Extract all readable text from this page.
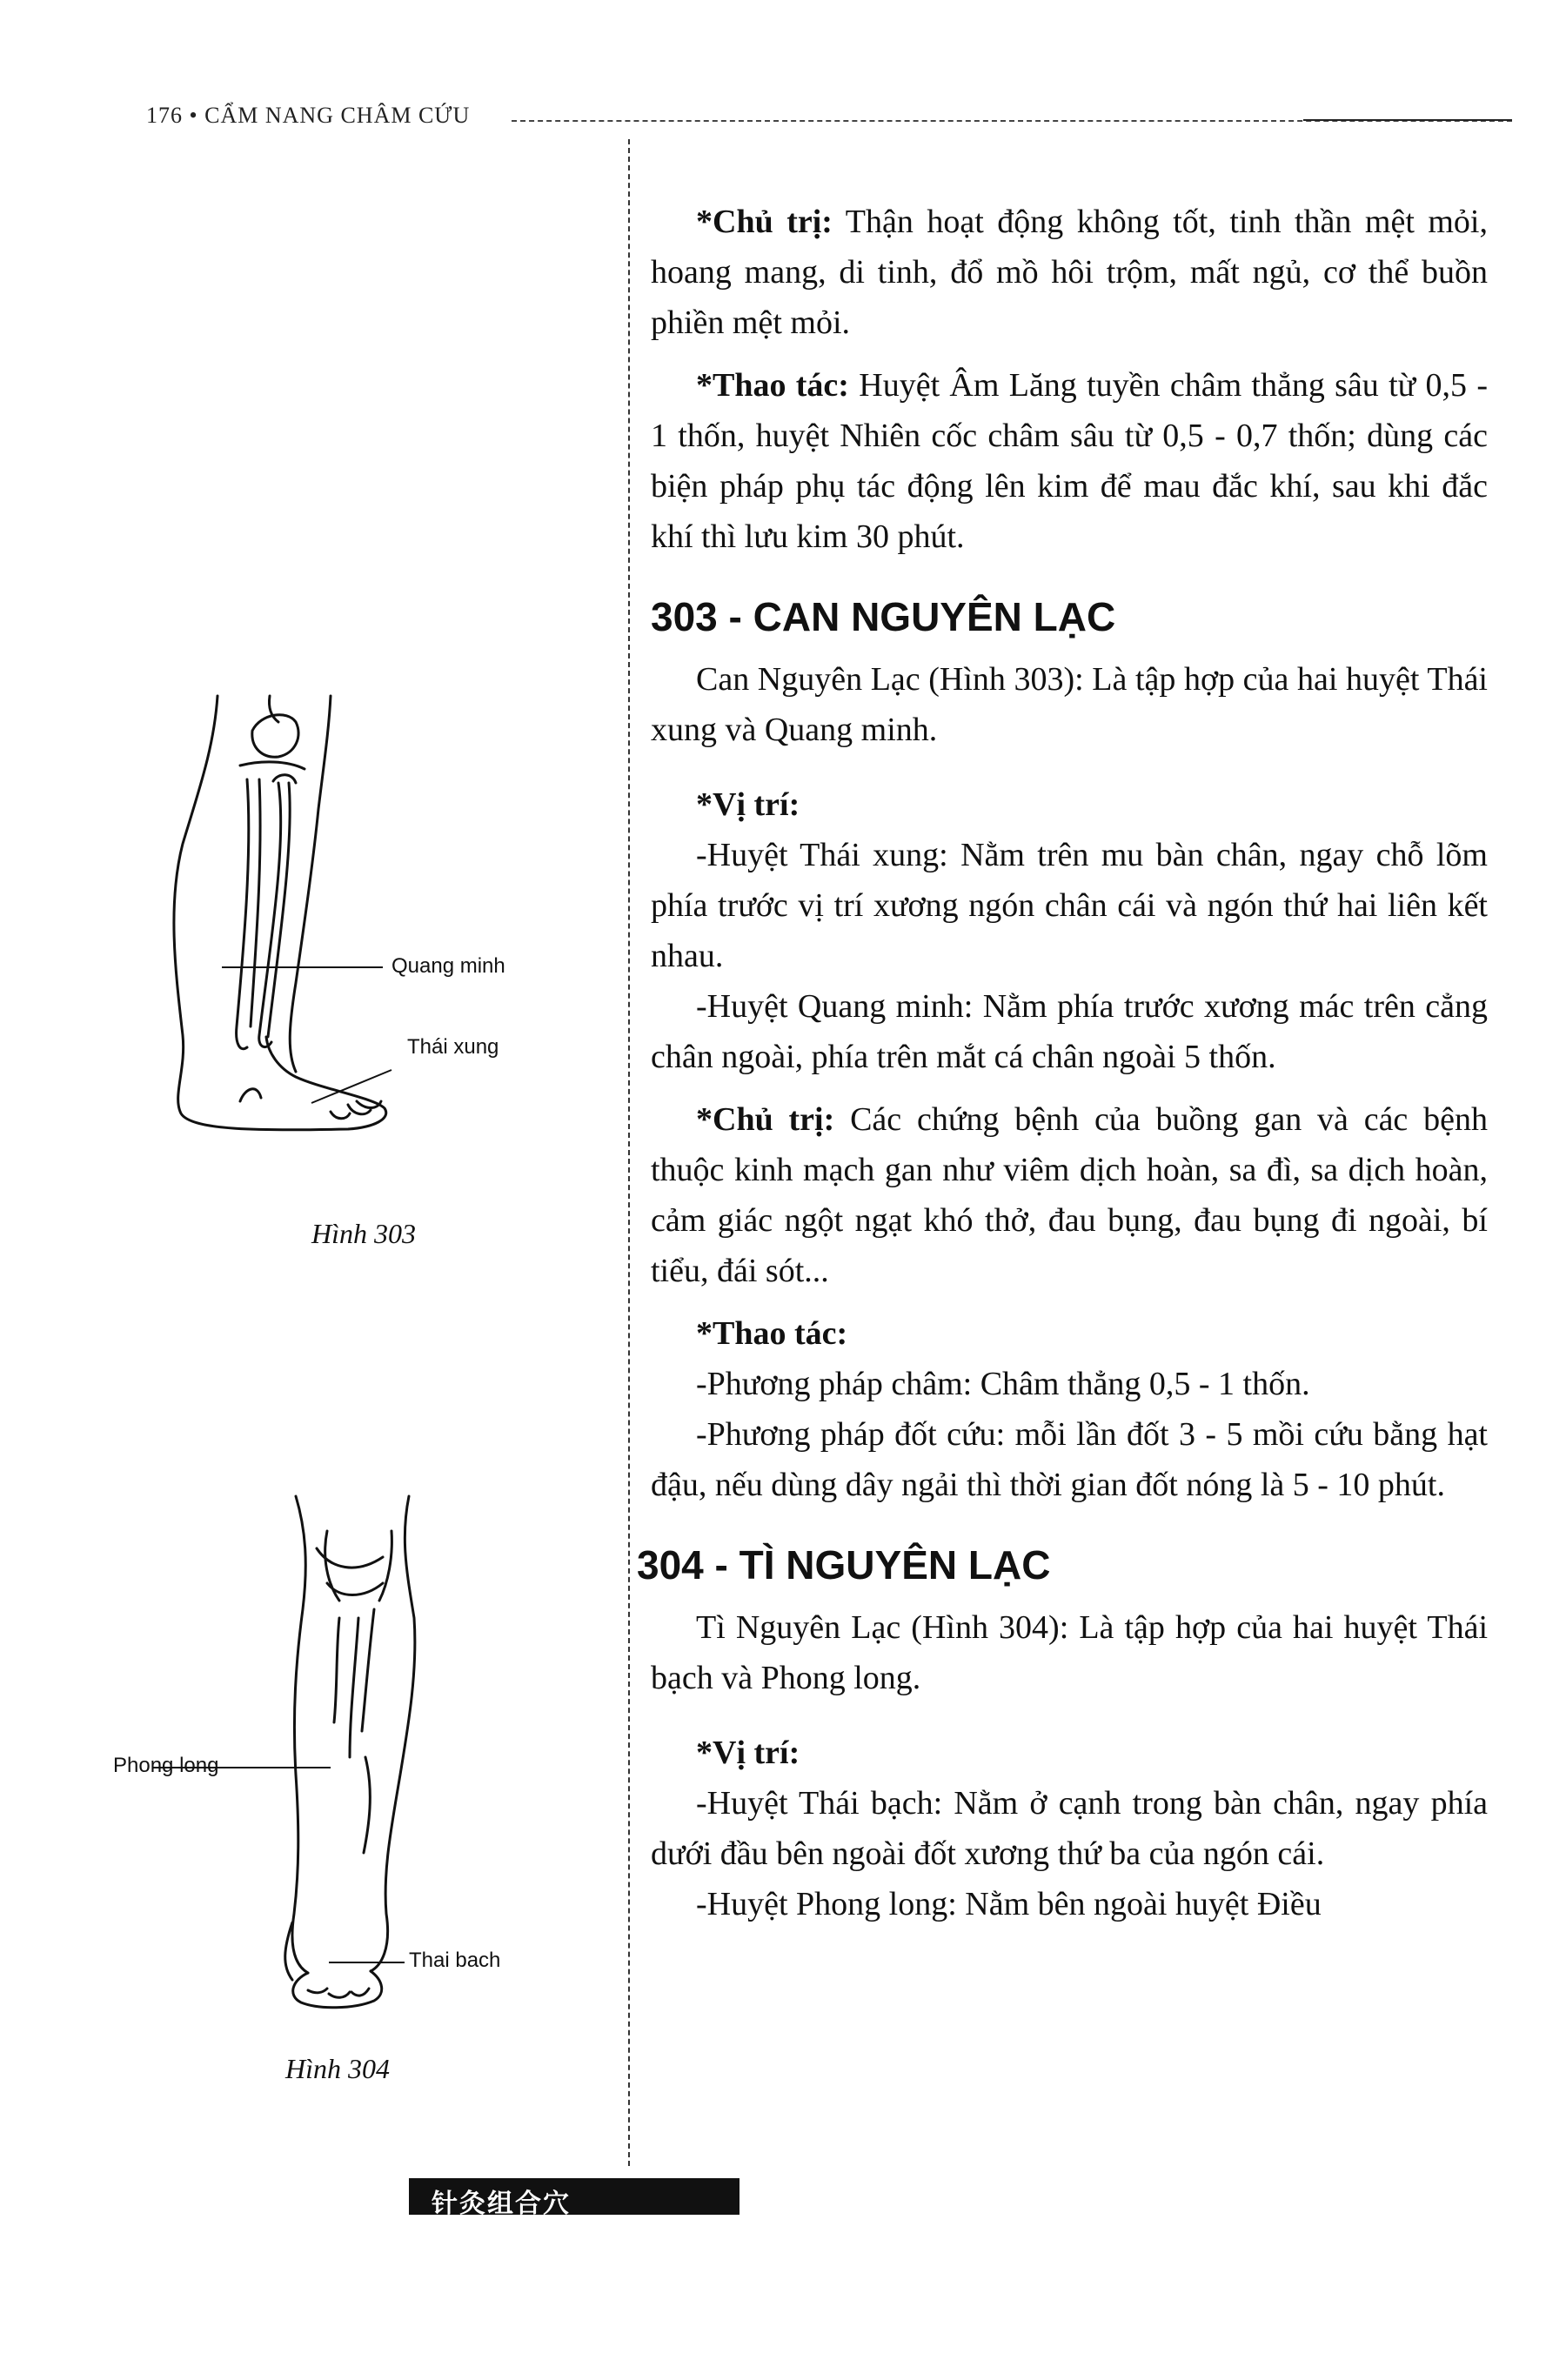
176 • CẨM NANG CHÂM CỨU
Quang minh
Thái xung
Hình 303
Phong long
Thai bach
Hình 304

*Chủ trị: Thận hoạt động không tốt, tinh thần mệt mỏi, hoang mang, di tinh, đổ mồ hôi trộm, mất ngủ, cơ thể buồn phiền mệt mỏi.

*Thao tác: Huyệt Âm Lăng tuyền châm thẳng sâu từ 0,5 - 1 thốn, huyệt Nhiên cốc châm sâu từ 0,5 - 0,7 thốn; dùng các biện pháp phụ tác động lên kim để mau đắc khí, sau khi đắc khí thì lưu kim 30 phút.

303 - CAN NGUYÊN LẠC

Can Nguyên Lạc (Hình 303): Là tập hợp của hai huyệt Thái xung và Quang minh.

*Vị trí:

-Huyệt Thái xung: Nằm trên mu bàn chân, ngay chỗ lõm phía trước vị trí xương ngón chân cái và ngón thứ hai liên kết nhau.

-Huyệt Quang minh: Nằm phía trước xương mác trên cẳng chân ngoài, phía trên mắt cá chân ngoài 5 thốn.

*Chủ trị: Các chứng bệnh của buồng gan và các bệnh thuộc kinh mạch gan như viêm dịch hoàn, sa đì, sa dịch hoàn, cảm giác ngột ngạt khó thở, đau bụng, đau bụng đi ngoài, bí tiểu, đái sót...

*Thao tác:

-Phương pháp châm: Châm thẳng 0,5 - 1 thốn.

-Phương pháp đốt cứu: mỗi lần đốt 3 - 5 mồi cứu bằng hạt đậu, nếu dùng dây ngải thì thời gian đốt nóng là 5 - 10 phút.

304 - TÌ NGUYÊN LẠC

Tì Nguyên Lạc (Hình 304): Là tập hợp của hai huyệt Thái bạch và Phong long.

*Vị trí:

-Huyệt Thái bạch: Nằm ở cạnh trong bàn chân, ngay phía dưới đầu bên ngoài đốt xương thứ ba của ngón cái.

-Huyệt Phong long: Nằm bên ngoài huyệt Điều

针灸组合穴
